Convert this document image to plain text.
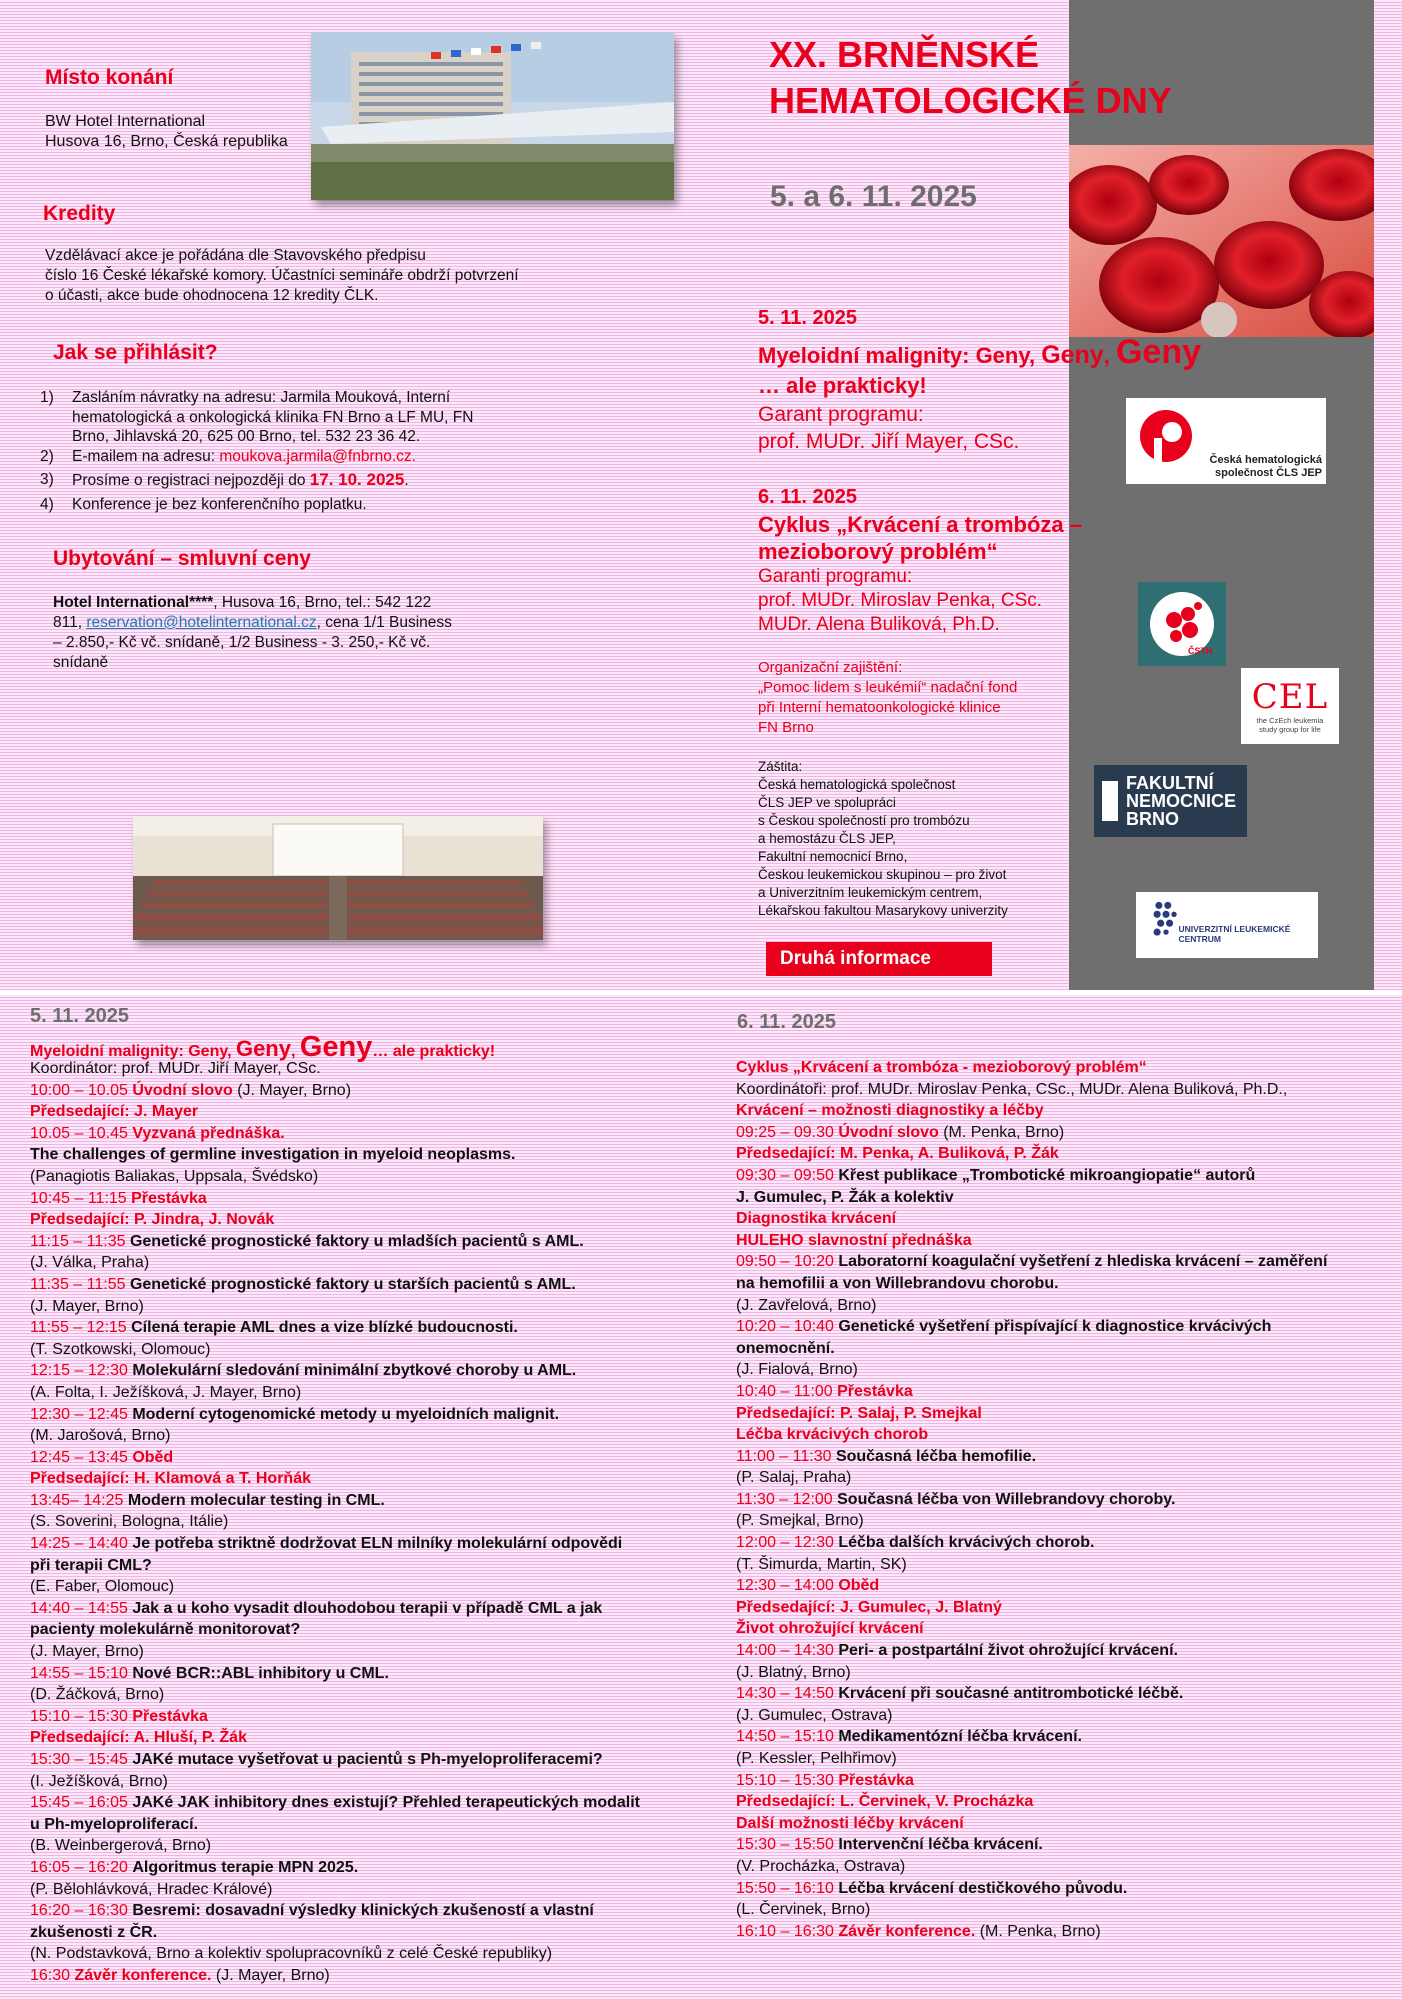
Místo konání
BW Hotel International
Husova 16, Brno, Česká republika
Kredity
Vzdělávací akce je pořádána dle Stavovského předpisu
číslo 16 České lékařské komory. Účastníci semináře obdrží potvrzení
o účasti, akce bude ohodnocena 12 kredity ČLK.
Jak se přihlásit?
1)	Zasláním návratky na adresu: Jarmila Mouková, Interní
hematologická a onkologická klinika FN Brno a LF MU, FN
Brno, Jihlavská 20, 625 00 Brno, tel. 532 23 36 42.
2)	E-mailem na adresu: moukova.jarmila@fnbrno.cz.
3)	Prosíme o registraci nejpozději do 17. 10. 2025.
4)	Konference je bez konferenčního poplatku.
Ubytování – smluvní ceny
Hotel International****, Husova 16, Brno, tel.: 542 122
811, reservation@hotelinternational.cz, cena 1/1 Business
– 2.850,- Kč vč. snídaně, 1/2 Business - 3. 250,- Kč vč.
snídaně
XX. BRNĚNSKÉ
HEMATOLOGICKÉ DNY
5. a 6. 11. 2025
5. 11. 2025
Myeloidní malignity: Geny, Geny, Geny
… ale prakticky!
Garant programu:
prof. MUDr. Jiří Mayer, CSc.
6. 11. 2025
Cyklus „Krvácení a trombóza –
mezioborový problém“
Garanti programu:
prof. MUDr. Miroslav Penka, CSc.
MUDr. Alena Buliková, Ph.D.
Organizační zajištění:
„Pomoc lidem s leukémií“ nadační fond
při Interní hematoonkologické klinice
FN Brno
Záštita:
Česká hematologická společnost
ČLS JEP ve spolupráci
s Českou společností pro trombózu
a hemostázu ČLS JEP,
Fakultní nemocnicí Brno,
Českou leukemickou skupinou – pro život
a Univerzitním leukemickým centrem,
Lékařskou fakultou Masarykovy univerzity
Druhá informace
Česká hematologická
společnost ČLS JEP
ČSTH
CEL
the CzEch leukemia
study group for life
FAKULTNÍ
NEMOCNICE
BRNO
UNIVERZITNÍ LEUKEMICKÉ CENTRUM
5. 11. 2025
Myeloidní malignity: Geny, Geny, Geny… ale prakticky!
Koordinátor: prof. MUDr. Jiří Mayer, CSc.
10:00 – 10.05 Úvodní slovo (J. Mayer, Brno)
Předsedající: J. Mayer
10.05 – 10.45 Vyzvaná přednáška.
The challenges of germline investigation in myeloid neoplasms.
(Panagiotis Baliakas, Uppsala, Švédsko)
10:45 – 11:15 Přestávka
Předsedající: P. Jindra, J. Novák
11:15 – 11:35 Genetické prognostické faktory u mladších pacientů s AML.
(J. Válka, Praha)
11:35 – 11:55 Genetické prognostické faktory u starších pacientů s AML.
(J. Mayer, Brno)
11:55 – 12:15 Cílená terapie AML dnes a vize blízké budoucnosti.
(T. Szotkowski, Olomouc)
12:15 – 12:30 Molekulární sledování minimální zbytkové choroby u AML.
(A. Folta, I. Ježíšková, J. Mayer, Brno)
12:30 – 12:45 Moderní cytogenomické metody u myeloidních malignit.
(M. Jarošová, Brno)
12:45 – 13:45 Oběd
Předsedající: H. Klamová a T. Horňák
13:45– 14:25 Modern molecular testing in CML.
(S. Soverini, Bologna, Itálie)
14:25 – 14:40 Je potřeba striktně dodržovat ELN milníky molekulární odpovědi
při terapii CML?
(E. Faber, Olomouc)
14:40 – 14:55 Jak a u koho vysadit dlouhodobou terapii v případě CML a jak
pacienty molekulárně monitorovat?
(J. Mayer, Brno)
14:55 – 15:10 Nové BCR::ABL inhibitory u CML.
(D. Žáčková, Brno)
15:10 – 15:30 Přestávka
Předsedající: A. Hluší, P. Žák
15:30 – 15:45 JAKé mutace vyšetřovat u pacientů s Ph-myeloproliferacemi?
(I. Ježíšková, Brno)
15:45 – 16:05 JAKé JAK inhibitory dnes existují? Přehled terapeutických modalit
u Ph-myeloproliferací.
(B. Weinbergerová, Brno)
16:05 – 16:20 Algoritmus terapie MPN 2025.
(P. Bělohlávková, Hradec Králové)
16:20 – 16:30 Besremi: dosavadní výsledky klinických zkušeností a vlastní
zkušenosti z ČR.
(N. Podstavková, Brno a kolektiv spolupracovníků z celé České republiky)
16:30 Závěr konference. (J. Mayer, Brno)
6. 11. 2025
Cyklus „Krvácení a trombóza - mezioborový problém“
Koordinátoři: prof. MUDr. Miroslav Penka, CSc., MUDr. Alena Buliková, Ph.D.,
Krvácení – možnosti diagnostiky a léčby
09:25 – 09.30 Úvodní slovo (M. Penka, Brno)
Předsedající: M. Penka, A. Buliková, P. Žák
09:30 – 09:50 Křest publikace „Trombotické mikroangiopatie“ autorů
J. Gumulec, P. Žák a kolektiv
Diagnostika krvácení
HULEHO slavnostní přednáška
09:50 – 10:20 Laboratorní koagulační vyšetření z hlediska krvácení – zaměření
na hemofilii a von Willebrandovu chorobu.
(J. Zavřelová, Brno)
10:20 – 10:40 Genetické vyšetření přispívající k diagnostice krvácivých
onemocnění.
(J. Fialová, Brno)
10:40 – 11:00 Přestávka
Předsedající: P. Salaj, P. Smejkal
Léčba krvácivých chorob
11:00 – 11:30 Současná léčba hemofilie.
(P. Salaj, Praha)
11:30 – 12:00 Současná léčba von Willebrandovy choroby.
(P. Smejkal, Brno)
12:00 – 12:30 Léčba dalších krvácivých chorob.
(T. Šimurda, Martin, SK)
12:30 – 14:00 Oběd
Předsedající: J. Gumulec, J. Blatný
Život ohrožující krvácení
14:00 – 14:30 Peri- a postpartální život ohrožující krvácení.
(J. Blatný, Brno)
14:30 – 14:50 Krvácení při současné antitrombotické léčbě.
(J. Gumulec, Ostrava)
14:50 – 15:10 Medikamentózní léčba krvácení.
(P. Kessler, Pelhřimov)
15:10 – 15:30 Přestávka
Předsedající: L. Červinek, V. Procházka
Další možnosti léčby krvácení
15:30 – 15:50 Intervenční léčba krvácení.
(V. Procházka, Ostrava)
15:50 – 16:10 Léčba krvácení destičkového původu.
(L. Červinek, Brno)
16:10 – 16:30 Závěr konference. (M. Penka, Brno)
